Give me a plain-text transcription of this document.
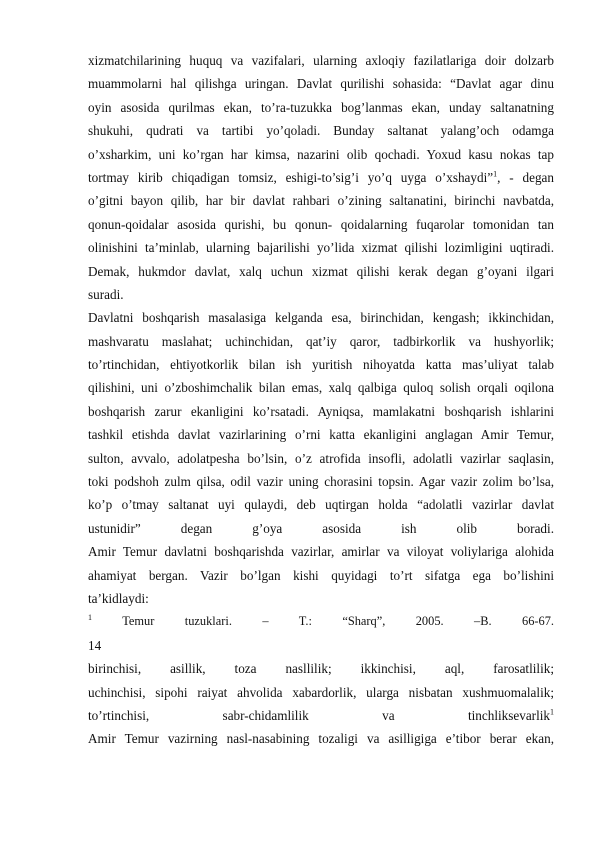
xizmatchilarining huquq va vazifalari, ularning axloqiy fazilatlariga doir dolzarb
muammolarni hal qilishga uringan. Davlat qurilishi sohasida: “Davlat agar dinu
oyin asosida qurilmas ekan, to’ra-tuzukka bog’lanmas ekan, unday saltanatning
shukuhi, qudrati va tartibi yo’qoladi. Bunday saltanat yalang’och odamga
o’xsharkim, uni ko’rgan har kimsa, nazarini olib qochadi. Yoxud kasu nokas tap
tortmay kirib chiqadigan tomsiz, eshigi-to’sig’i yo’q uyga o’xshaydi”$^1$, - degan
o’gitni bayon qilib, har bir davlat rahbari o’zining saltanatini, birinchi navbatda,
qonun-qoidalar asosida qurishi, bu qonun- qoidalarning fuqarolar tomonidan tan
olinishini ta’minlab, ularning bajarilishi yo’lida xizmat qilishi lozimligini uqtiradi.
Demak, hukmdor davlat, xalq uchun xizmat qilishi kerak degan g’oyani ilgari
suradi.
Davlatni boshqarish masalasiga kelganda esa, birinchidan, kengash; ikkinchidan,
mashvaratu maslahat; uchinchidan, qat’iy qaror, tadbirkorlik va hushyorlik;
to’rtinchidan, ehtiyotkorlik bilan ish yuritish nihoyatda katta mas’uliyat talab
qilishini, uni o’zboshimchalik bilan emas, xalq qalbiga quloq solish orqali oqilona
boshqarish zarur ekanligini ko’rsatadi. Ayniqsa, mamlakatni boshqarish ishlarini
tashkil etishda davlat vazirlarining o’rni katta ekanligini anglagan Amir Temur,
sulton, avvalo, adolatpesha bo’lsin, o’z atrofida insofli, adolatli vazirlar saqlasin,
toki podshoh zulm qilsa, odil vazir uning chorasini topsin. Agar vazir zolim bo’lsa,
ko’p o’tmay saltanat uyi qulaydi, deb uqtirgan holda “adolatli vazirlar davlat
ustunidir” degan g’oya asosida ish olib boradi.
Amir Temur davlatni boshqarishda vazirlar, amirlar va viloyat voliylariga alohida
ahamiyat bergan. Vazir bo’lgan kishi quyidagi to’rt sifatga ega bo’lishini
ta’kidlaydi:
$^1$ Temur tuzuklari. – T.: “Sharq”, 2005. –B. 66-67.
14
birinchisi, asillik, toza nasllilik; ikkinchisi, aql, farosatlilik;
uchinchisi, sipohi raiyat ahvolida xabardorlik, ularga nisbatan xushmuomalalik;
to’rtinchisi, sabr-chidamlilik va tinchliksevarlik$^1$
Amir Temur vazirning nasl-nasabining tozaligi va asilligiga e’tibor berar ekan,
